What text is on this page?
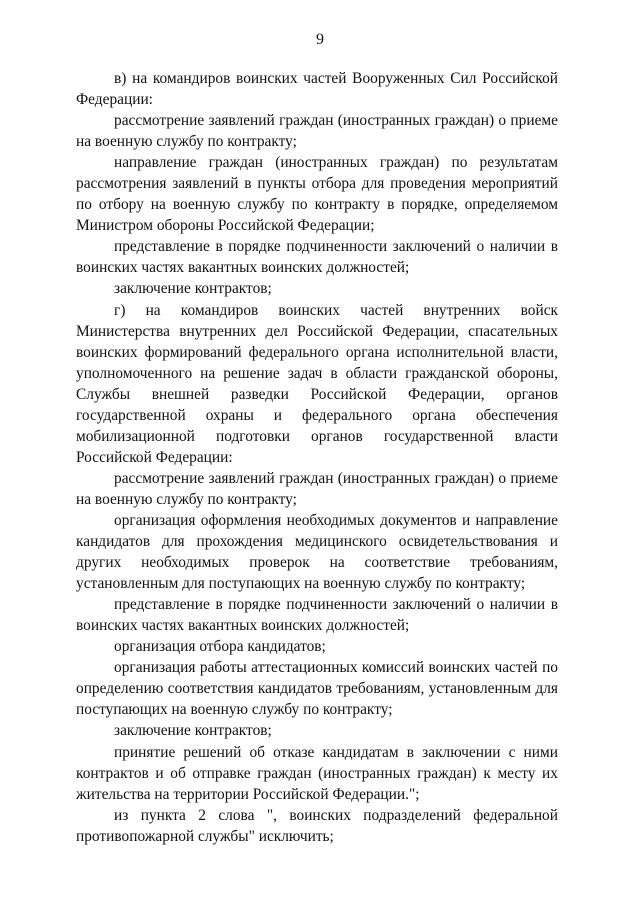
9

в) на командиров воинских частей Вооруженных Сил Российской Федерации:

рассмотрение заявлений граждан (иностранных граждан) о приеме на военную службу по контракту;

направление граждан (иностранных граждан) по результатам рассмотрения заявлений в пункты отбора для проведения мероприятий по отбору на военную службу по контракту в порядке, определяемом Министром обороны Российской Федерации;

представление в порядке подчиненности заключений о наличии в воинских частях вакантных воинских должностей;

заключение контрактов;

г) на командиров воинских частей внутренних войск Министерства внутренних дел Российской Федерации, спасательных воинских формирований федерального органа исполнительной власти, уполномоченного на решение задач в области гражданской обороны, Службы внешней разведки Российской Федерации, органов государственной охраны и федерального органа обеспечения мобилизационной подготовки органов государственной власти Российской Федерации:

рассмотрение заявлений граждан (иностранных граждан) о приеме на военную службу по контракту;

организация оформления необходимых документов и направление кандидатов для прохождения медицинского освидетельствования и других необходимых проверок на соответствие требованиям, установленным для поступающих на военную службу по контракту;

представление в порядке подчиненности заключений о наличии в воинских частях вакантных воинских должностей;

организация отбора кандидатов;

организация работы аттестационных комиссий воинских частей по определению соответствия кандидатов требованиям, установленным для поступающих на военную службу по контракту;

заключение контрактов;

принятие решений об отказе кандидатам в заключении с ними контрактов и об отправке граждан (иностранных граждан) к месту их жительства на территории Российской Федерации.";

из пункта 2 слова ", воинских подразделений федеральной противопожарной службы" исключить;
